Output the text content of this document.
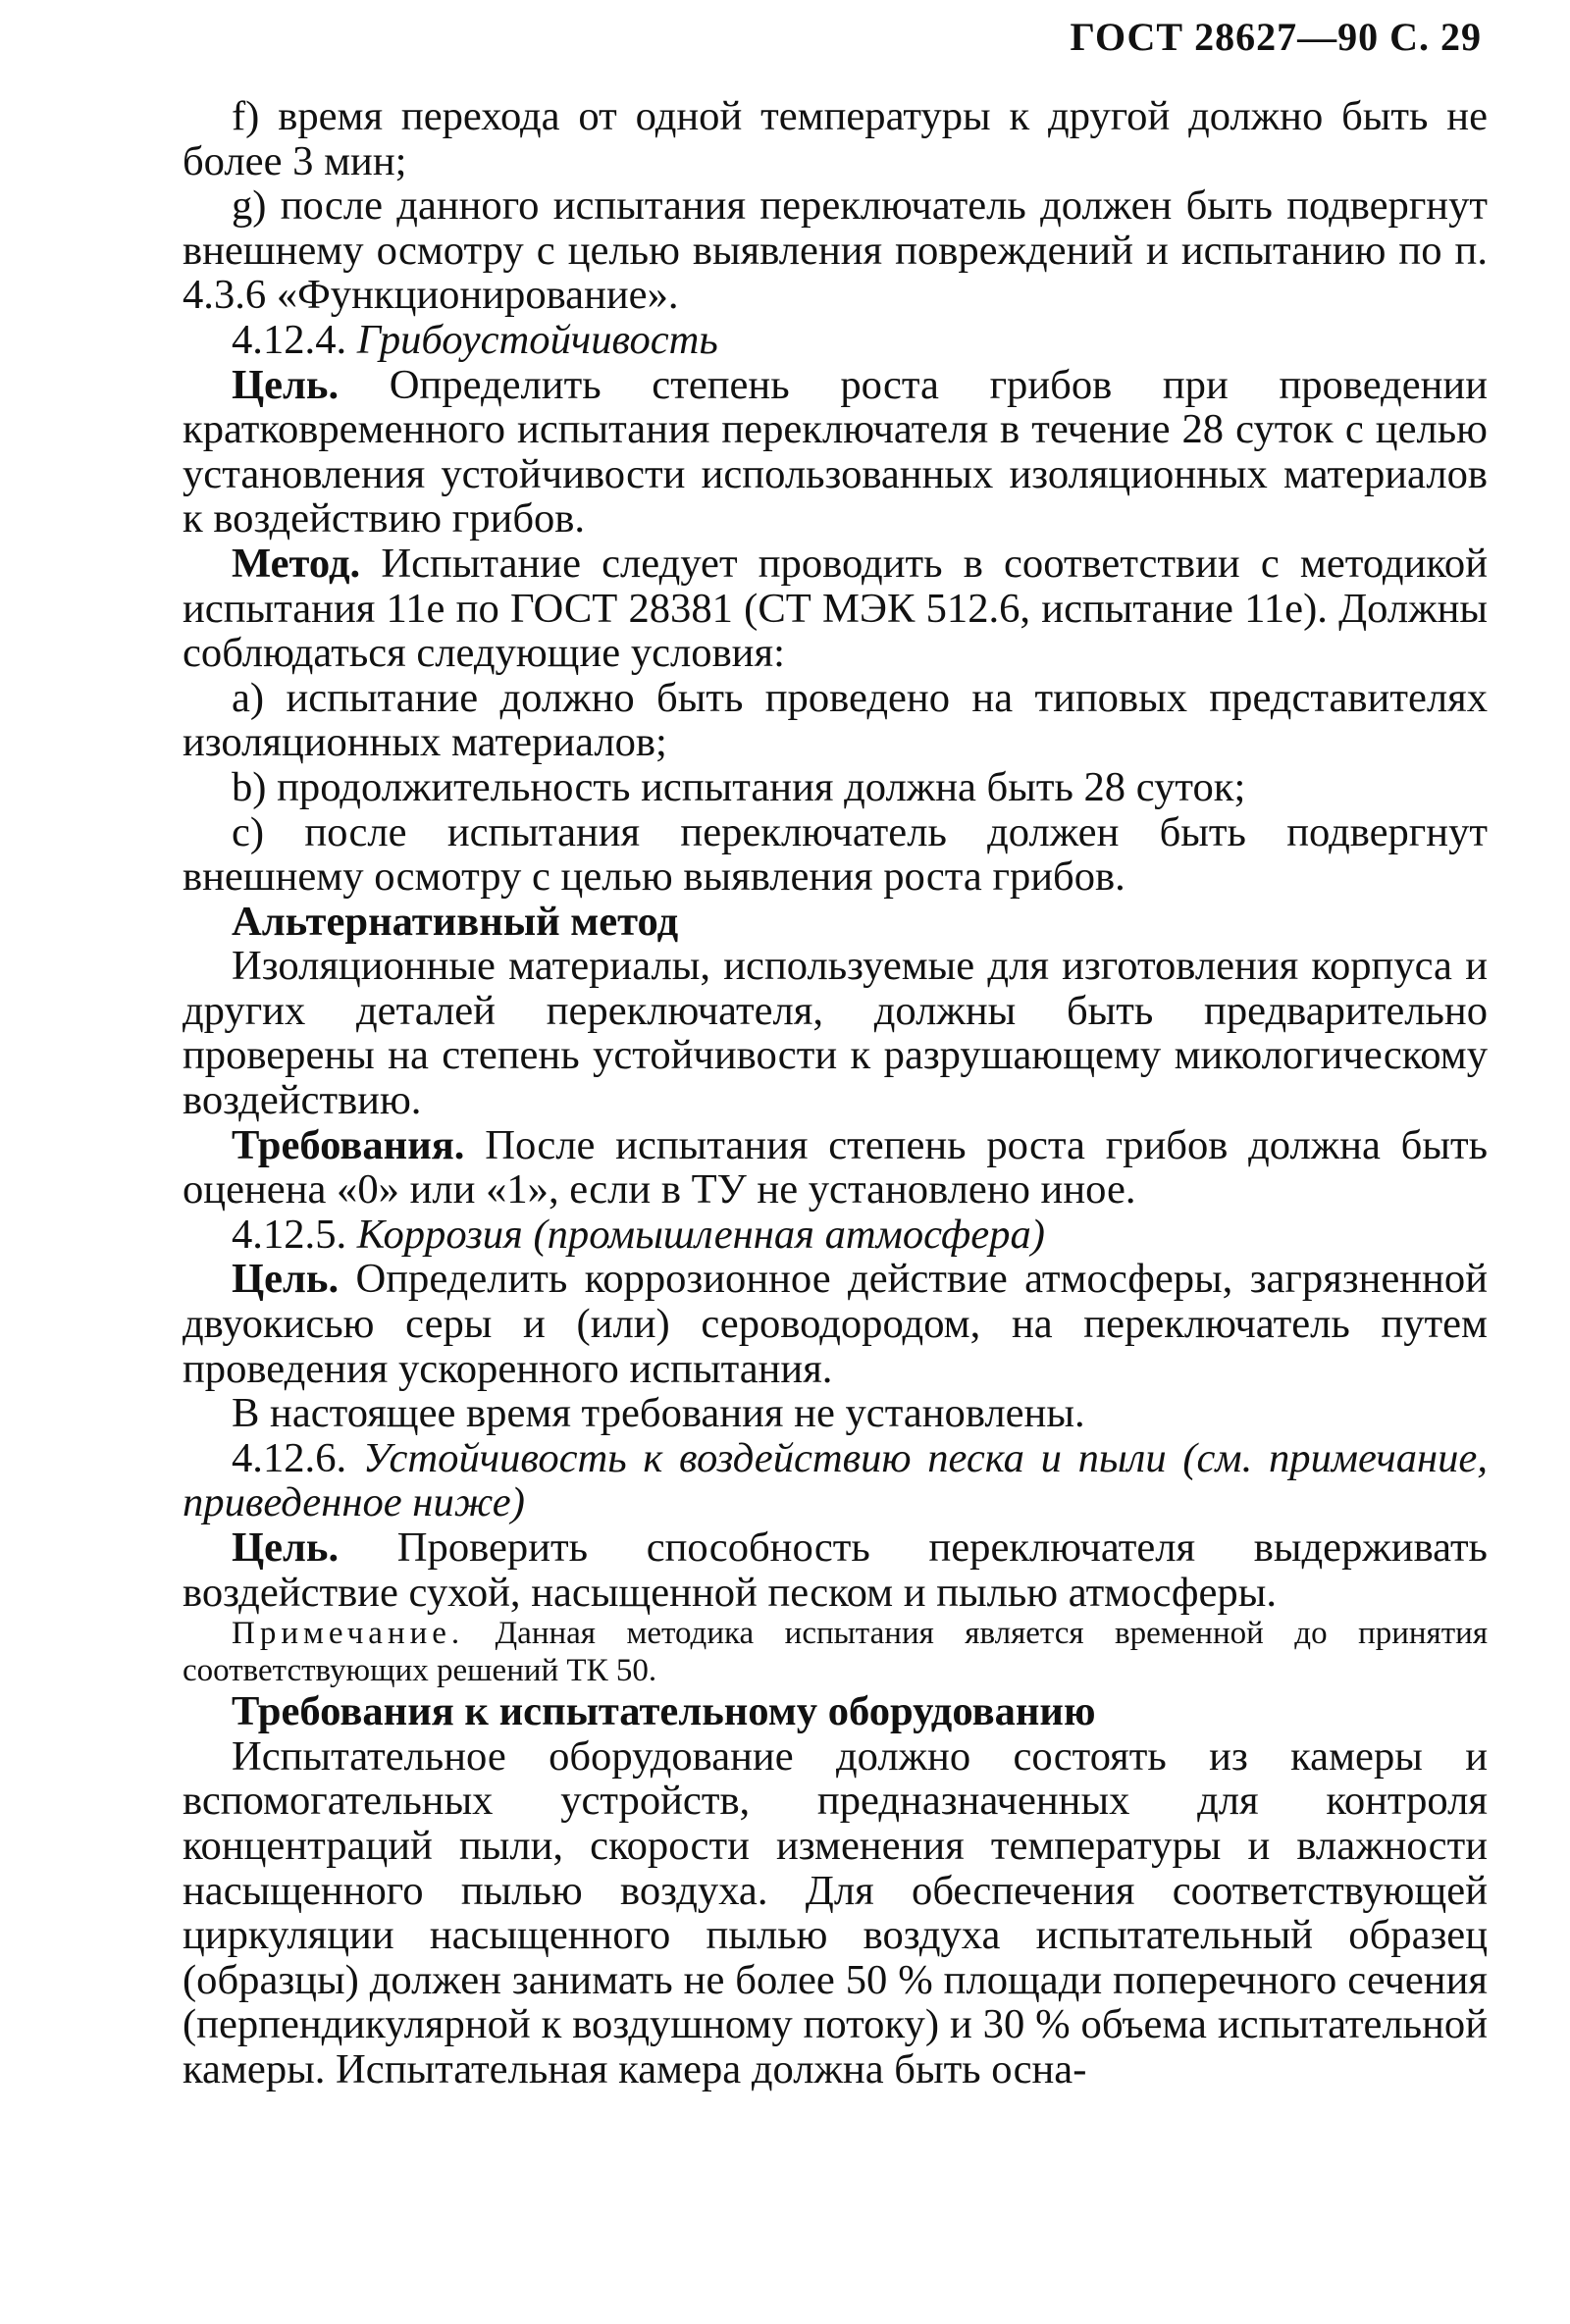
ГОСТ 28627—90 С. 29

f) время перехода от одной температуры к другой должно быть не более 3 мин;

g) после данного испытания переключатель должен быть подвергнут внешнему осмотру с целью выявления повреждений и испытанию по п. 4.3.6 «Функционирование».

4.12.4. Грибоустойчивость

Цель. Определить степень роста грибов при проведении кратковременного испытания переключателя в течение 28 суток с целью установления устойчивости использованных изоляционных материалов к воздействию грибов.

Метод. Испытание следует проводить в соответствии с методикой испытания 11е по ГОСТ 28381 (СТ МЭК 512.6, испытание 11е). Должны соблюдаться следующие условия:

а) испытание должно быть проведено на типовых представителях изоляционных материалов;

b) продолжительность испытания должна быть 28 суток;

с) после испытания переключатель должен быть подвергнут внешнему осмотру с целью выявления роста грибов.

Альтернативный метод

Изоляционные материалы, используемые для изготовления корпуса и других деталей переключателя, должны быть предварительно проверены на степень устойчивости к разрушающему микологическому воздействию.

Требования. После испытания степень роста грибов должна быть оценена «0» или «1», если в ТУ не установлено иное.

4.12.5. Коррозия (промышленная атмосфера)

Цель. Определить коррозионное действие атмосферы, загрязненной двуокисью серы и (или) сероводородом, на переключатель путем проведения ускоренного испытания.

В настоящее время требования не установлены.

4.12.6. Устойчивость к воздействию песка и пыли (см. примечание, приведенное ниже)

Цель. Проверить способность переключателя выдерживать воздействие сухой, насыщенной песком и пылью атмосферы.

Примечание. Данная методика испытания является временной до принятия соответствующих решений ТК 50.

Требования к испытательному оборудованию

Испытательное оборудование должно состоять из камеры и вспомогательных устройств, предназначенных для контроля концентраций пыли, скорости изменения температуры и влажности насыщенного пылью воздуха. Для обеспечения соответствующей циркуляции насыщенного пылью воздуха испытательный образец (образцы) должен занимать не более 50 % площади поперечного сечения (перпендикулярной к воздушному потоку) и 30 % объема испытательной камеры. Испытательная камера должна быть осна-
